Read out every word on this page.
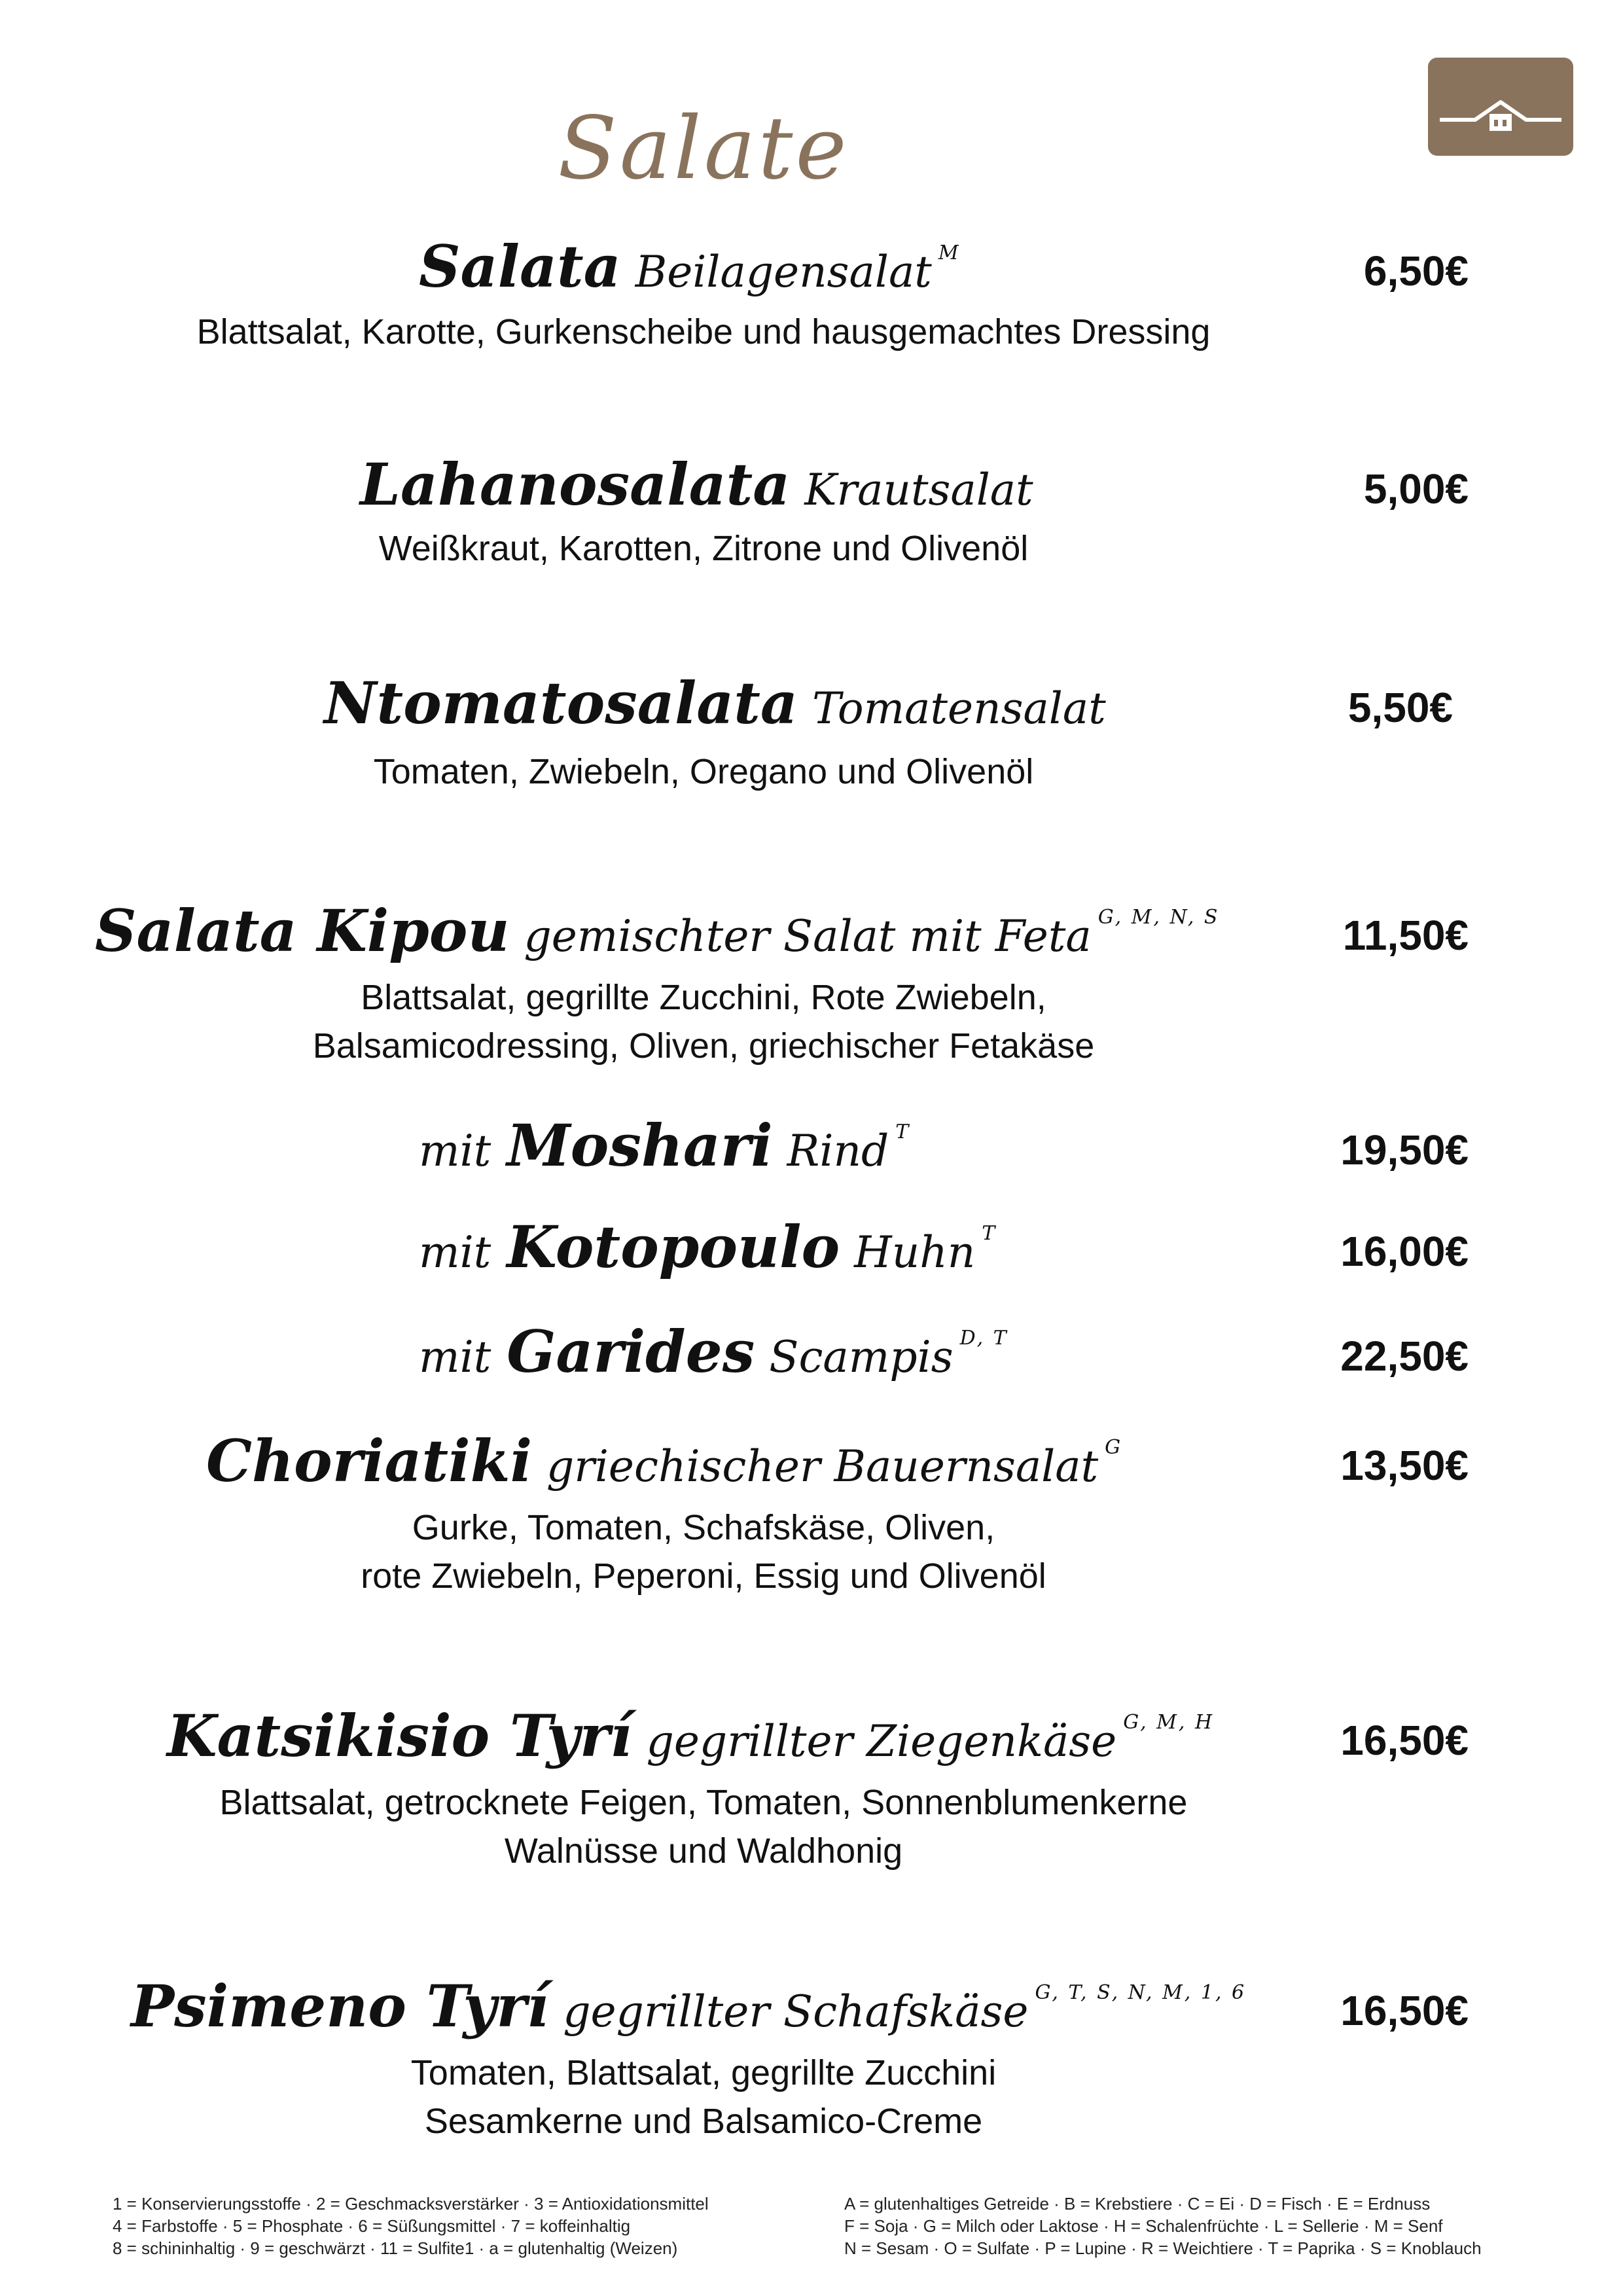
Salate
Salata Beilagensalat M	6,50€
Blattsalat, Karotte, Gurkenscheibe und hausgemachtes Dressing
Lahanosalata Krautsalat	5,00€
Weißkraut, Karotten, Zitrone und Olivenöl
Ntomatosalata Tomatensalat	5,50€
Tomaten, Zwiebeln, Oregano und Olivenöl
Salata Kipou gemischter Salat mit Feta G, M, N, S	11,50€
Blattsalat, gegrillte Zucchini, Rote Zwiebeln,
Balsamicodressing, Oliven, griechischer Fetakäse
mit Moshari Rind T	19,50€
mit Kotopoulo Huhn T	16,00€
mit Garides Scampis D, T	22,50€
Choriatiki griechischer Bauernsalat G	13,50€
Gurke, Tomaten, Schafskäse, Oliven,
rote Zwiebeln, Peperoni, Essig und Olivenöl
Katsikisio Tyrí gegrillter Ziegenkäse G, M, H	16,50€
Blattsalat, getrocknete Feigen, Tomaten, Sonnenblumenkerne
Walnüsse und Waldhonig
Psimeno Tyrí gegrillter Schafskäse G, T, S, N, M, 1, 6 16,50€
Tomaten, Blattsalat, gegrillte Zucchini
Sesamkerne und Balsamico-Creme
1 = Konservierungsstoffe · 2 = Geschmacksverstärker · 3 = Antioxidationsmittel
4 = Farbstoffe · 5 = Phosphate · 6 = Süßungsmittel · 7 = koffeinhaltig
8 = schininhaltig · 9 = geschwärzt · 11 = Sulfite1 · a = glutenhaltig (Weizen)
A = glutenhaltiges Getreide · B = Krebstiere · C = Ei · D = Fisch · E = Erdnuss
F = Soja · G = Milch oder Laktose · H = Schalenfrüchte · L = Sellerie · M = Senf
N = Sesam · O = Sulfate · P = Lupine · R = Weichtiere · T = Paprika · S = Knoblauch
